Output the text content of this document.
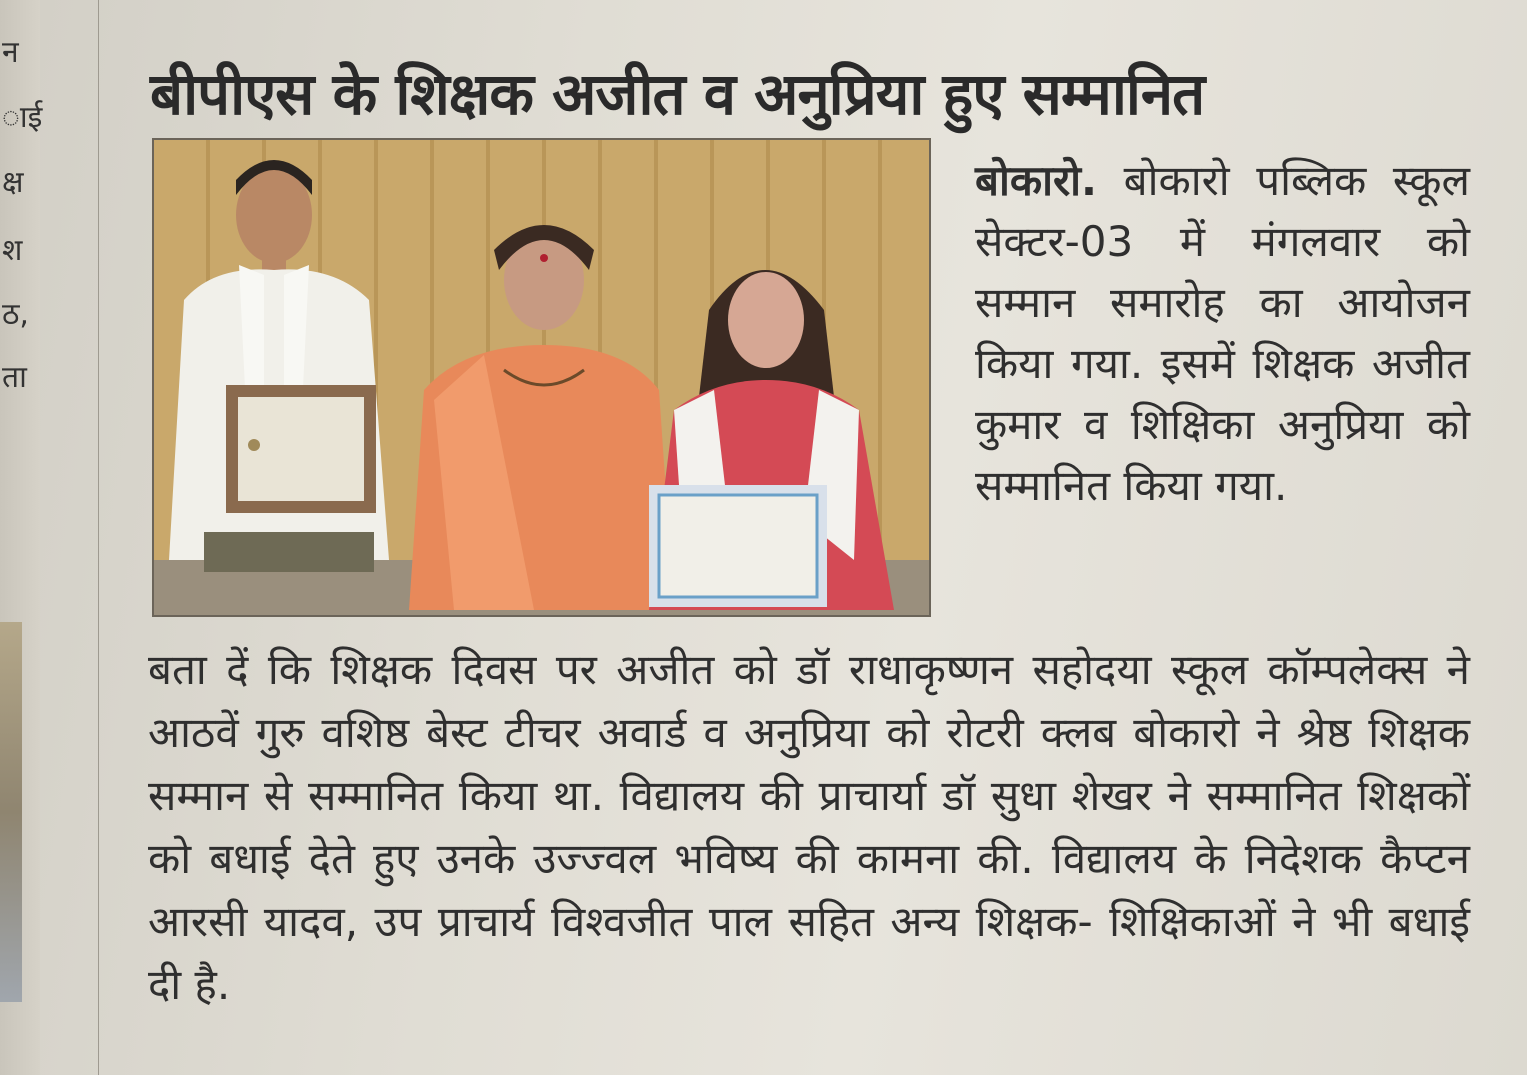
न
ाई
क्ष
श
ठ,
ता
बीपीएस के शिक्षक अजीत व अनुप्रिया हुए सम्मानित
बोकारो. बोकारो पब्लिक स्कूल सेक्टर-03 में मंगलवार को सम्मान समारोह का आयोजन किया गया. इसमें शिक्षक अजीत कुमार व शिक्षिका अनुप्रिया को सम्मानित किया गया.
बता दें कि शिक्षक दिवस पर अजीत को डॉ राधाकृष्णन सहोदया स्कूल कॉम्पलेक्स ने आठवें गुरु वशिष्ठ बेस्ट टीचर अवार्ड व अनुप्रिया को रोटरी क्लब बोकारो ने श्रेष्ठ शिक्षक सम्मान से सम्मानित किया था. विद्यालय की प्राचार्या डॉ सुधा शेखर ने सम्मानित शिक्षकों को बधाई देते हुए उनके उज्ज्वल भविष्य की कामना की. विद्यालय के निदेशक कैप्टन आरसी यादव, उप प्राचार्य विश्वजीत पाल सहित अन्य शिक्षक- शिक्षिकाओं ने भी बधाई दी है.
